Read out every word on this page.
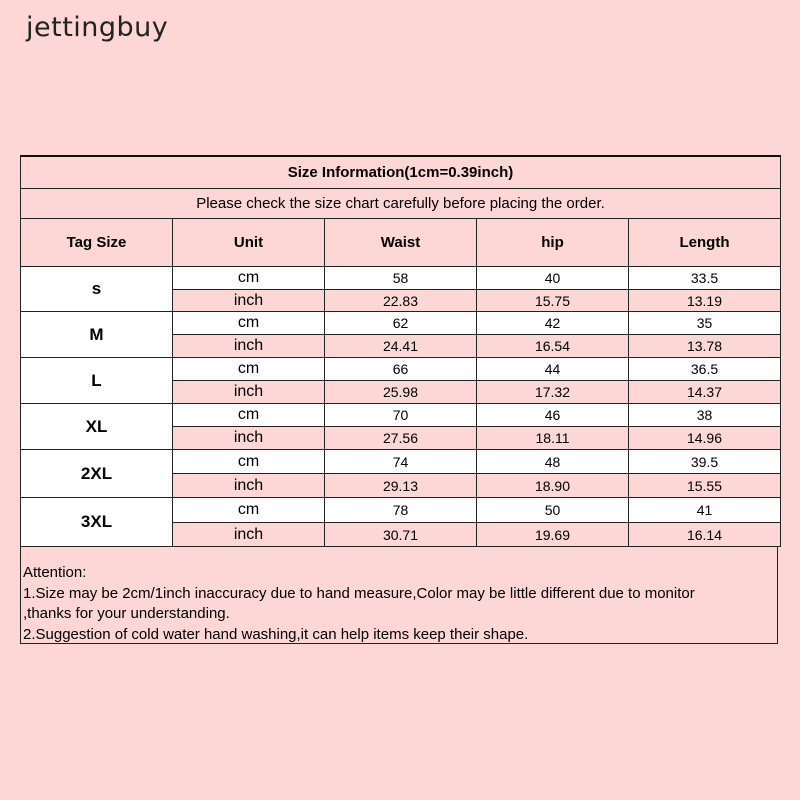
jettingbuy
Size Information(1cm=0.39inch)				
Please check the size chart carefully before placing the order.				
Tag Size	Unit	Waist	hip	Length
s	cm	58	40	33.5
	inch	22.83	15.75	13.19
M	cm	62	42	35
	inch	24.41	16.54	13.78
L	cm	66	44	36.5
	inch	25.98	17.32	14.37
XL	cm	70	46	38
	inch	27.56	18.11	14.96
2XL	cm	74	48	39.5
	inch	29.13	18.90	15.55
3XL	cm	78	50	41
	inch	30.71	19.69	16.14
Attention:
1.Size may be 2cm/1inch inaccuracy due to hand measure,Color may be little different due to monitor
,thanks for your understanding.
2.Suggestion of cold water hand washing,it can help items keep their shape.
